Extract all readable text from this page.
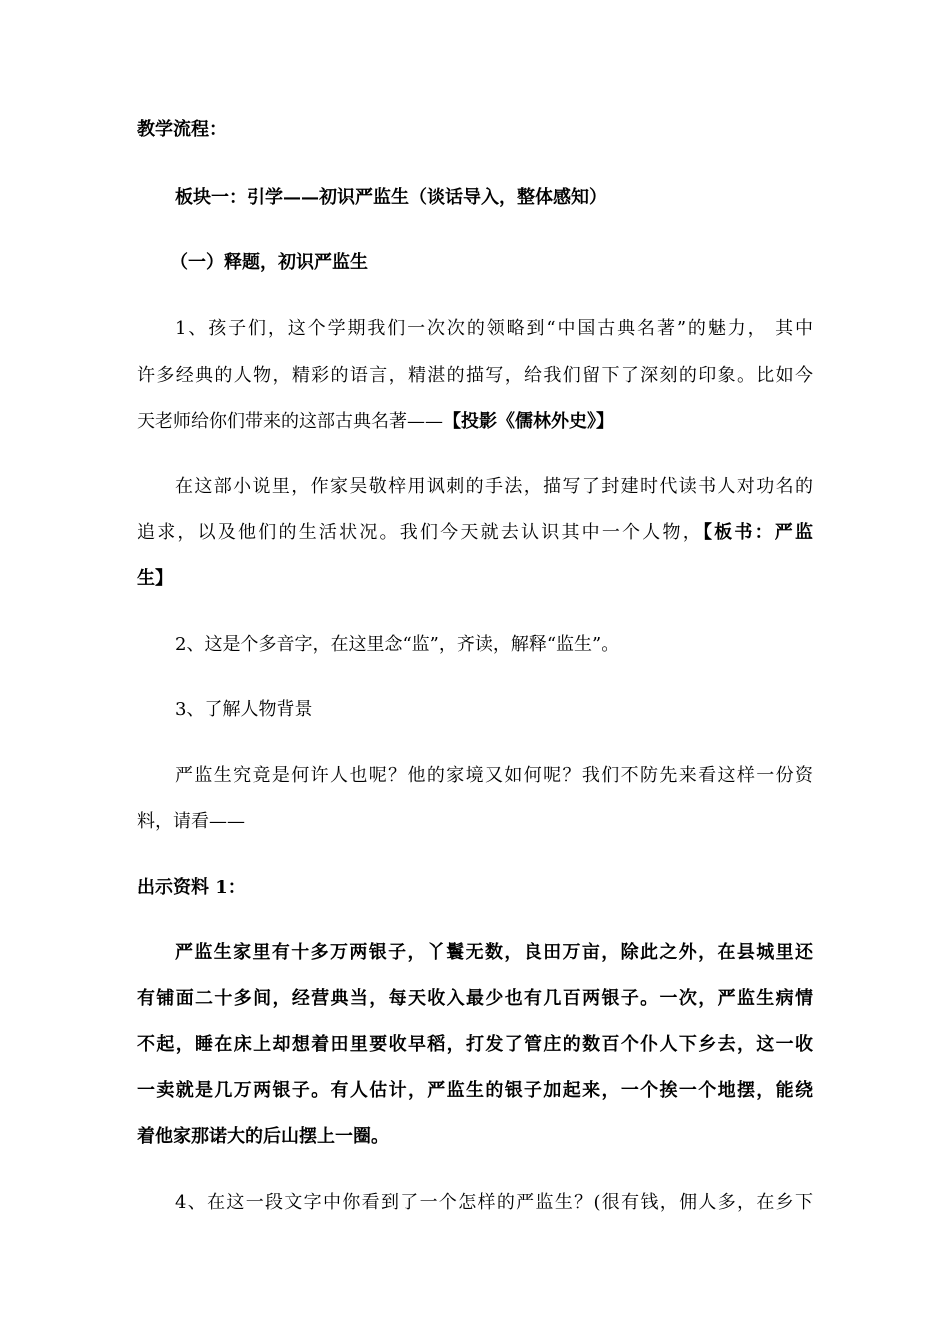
教学流程：

板块一：引学——初识严监生（谈话导入，整体感知）

（一）释题，初识严监生

1、孩子们，这个学期我们一次次的领略到“中国古典名著”的魅力， 其中

许多经典的人物，精彩的语言，精湛的描写，给我们留下了深刻的印象。比如今

天老师给你们带来的这部古典名著——【投影《儒林外史》】

在这部小说里，作家吴敬梓用讽刺的手法，描写了封建时代读书人对功名的

追求，以及他们的生活状况。我们今天就去认识其中一个人物，【板书：严监

生】

2、这是个多音字，在这里念“监”，齐读，解释“监生”。

3、了解人物背景

严监生究竟是何许人也呢？他的家境又如何呢？我们不防先来看这样一份资

料，请看——

出示资料 1：

严监生家里有十多万两银子，丫鬟无数，良田万亩，除此之外，在县城里还

有铺面二十多间，经营典当，每天收入最少也有几百两银子。一次，严监生病情

不起，睡在床上却想着田里要收早稻，打发了管庄的数百个仆人下乡去，这一收

一卖就是几万两银子。有人估计，严监生的银子加起来，一个挨一个地摆，能绕

着他家那诺大的后山摆上一圈。

4、在这一段文字中你看到了一个怎样的严监生？(很有钱，佣人多，在乡下
